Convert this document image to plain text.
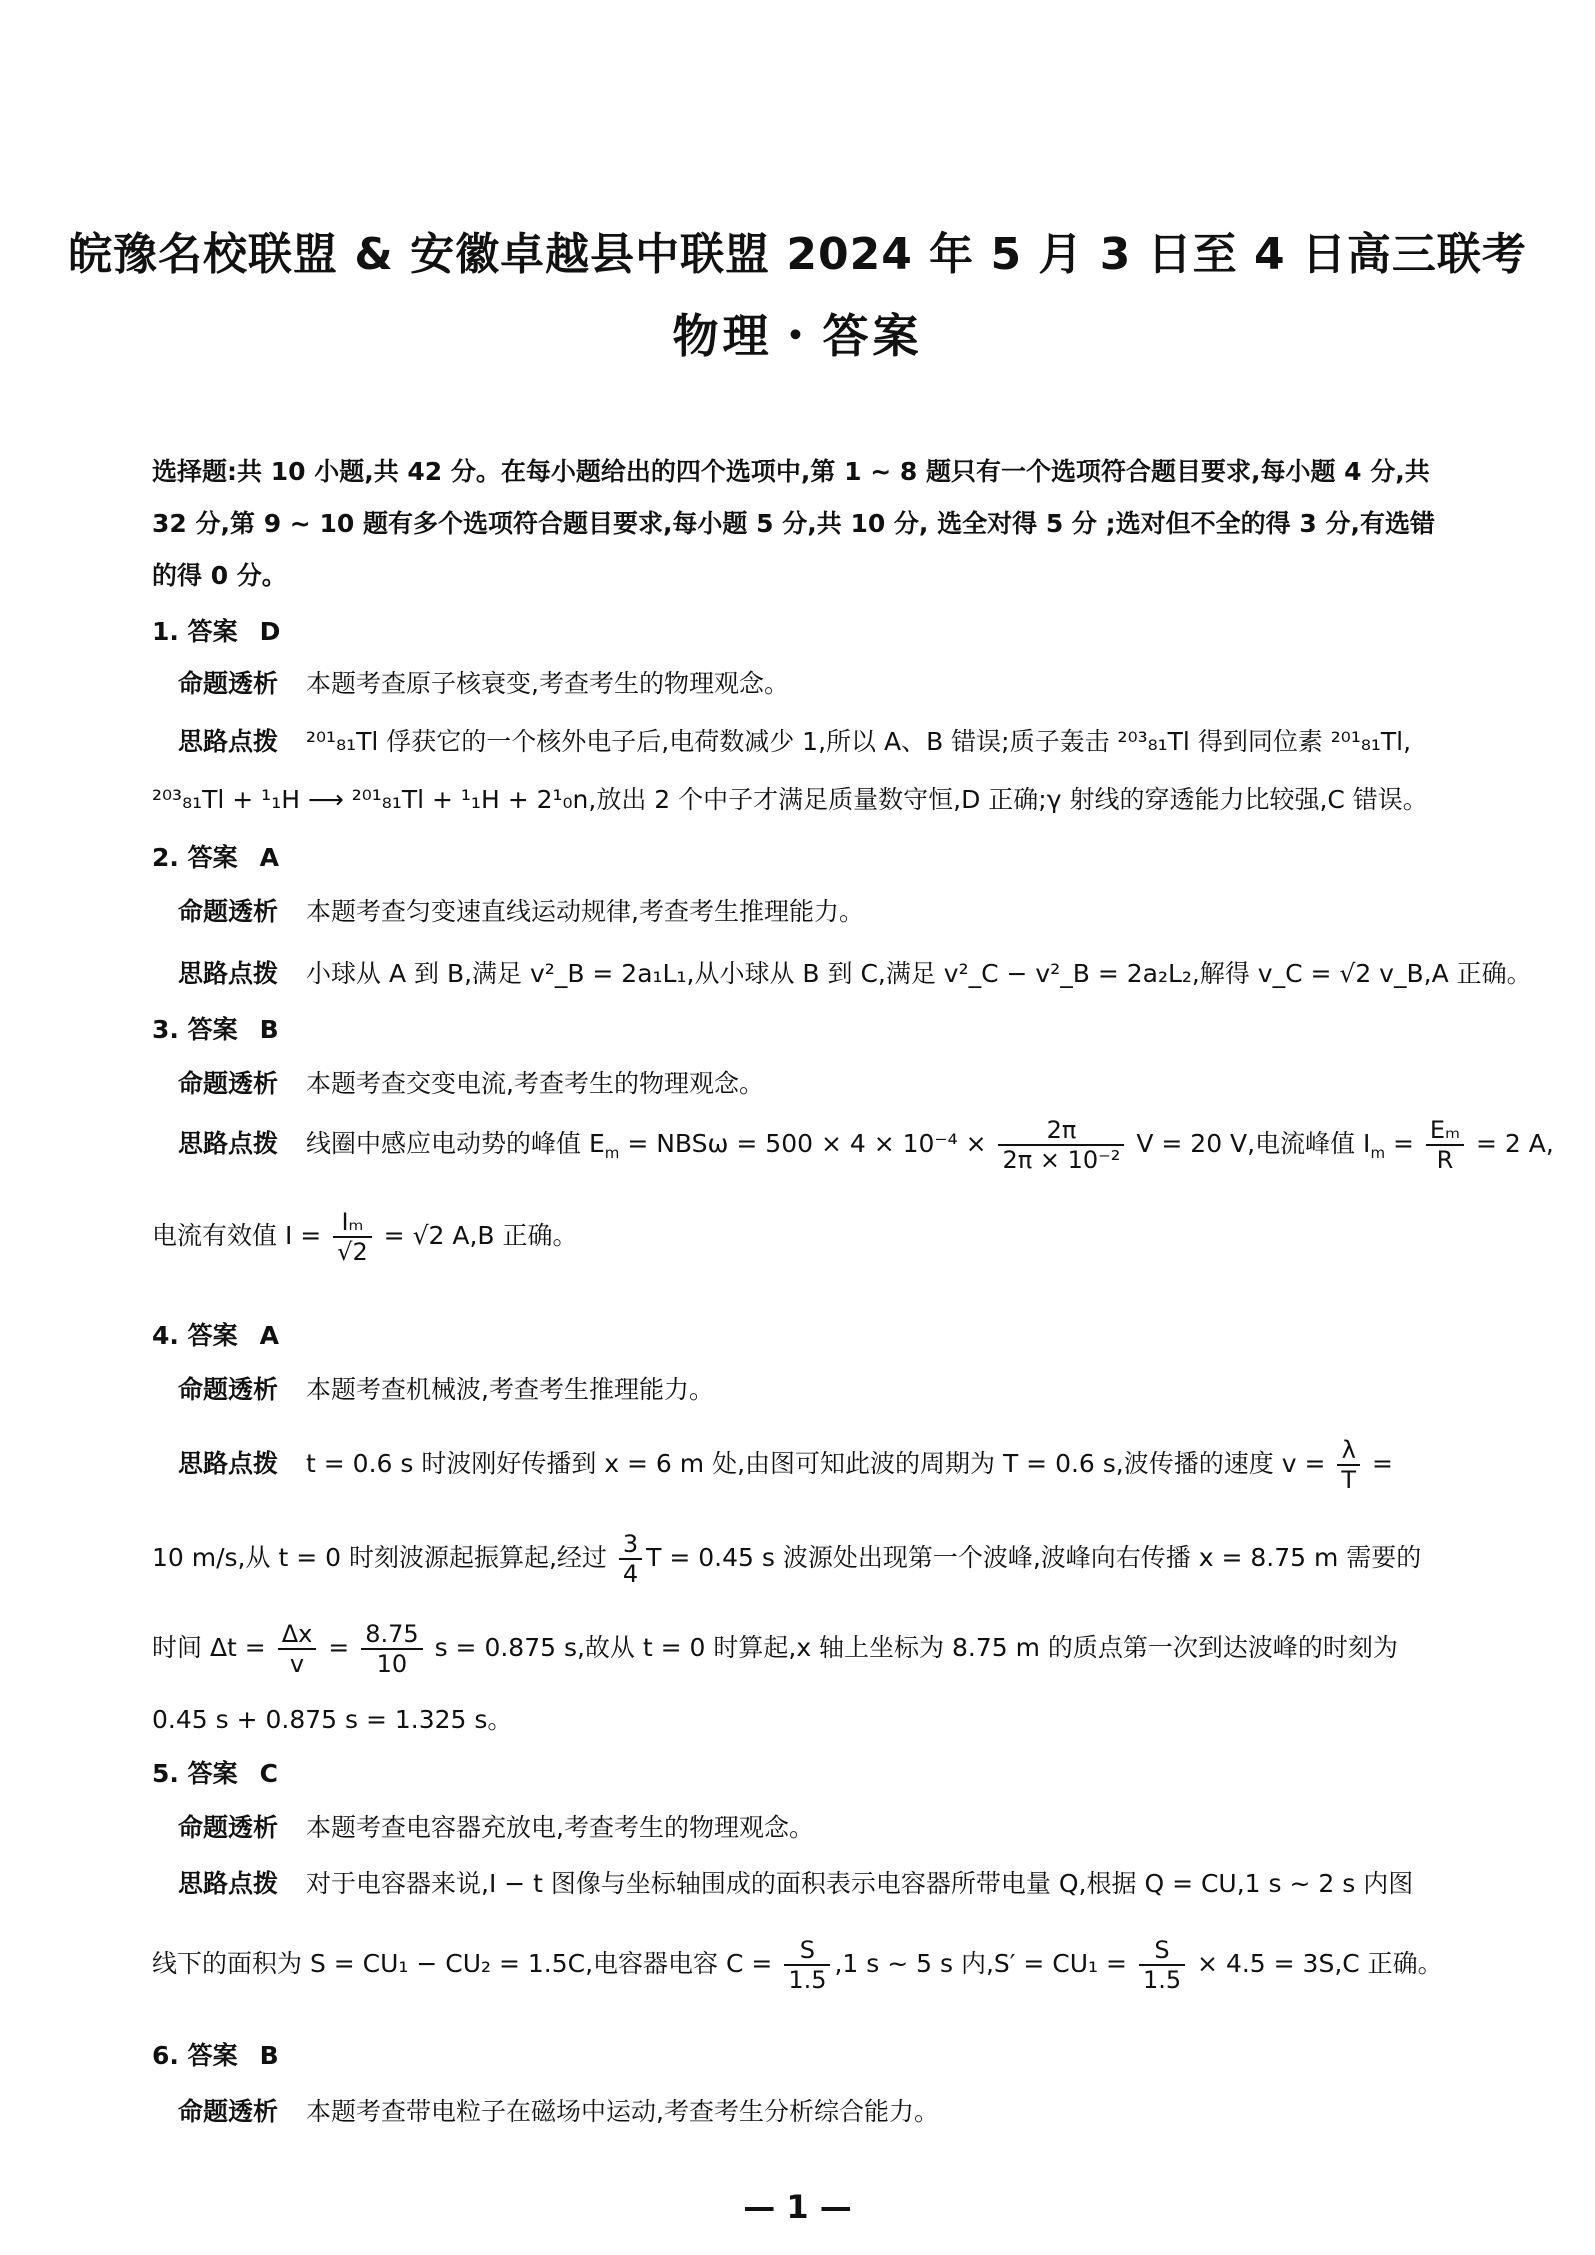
皖豫名校联盟 & 安徽卓越县中联盟 2024 年 5 月 3 日至 4 日高三联考
物理・答案
选择题:共 10 小题,共 42 分。在每小题给出的四个选项中,第 1 ~ 8 题只有一个选项符合题目要求,每小题 4 分,共 32 分,第 9 ~ 10 题有多个选项符合题目要求,每小题 5 分,共 10 分, 选全对得 5 分 ;选对但不全的得 3 分,有选错的得 0 分。
1. 答案 D
命题透析 本题考查原子核衰变,考查考生的物理观念。
思路点拨 ²⁰¹₈₁Tl 俘获它的一个核外电子后,电荷数减少 1,所以 A、B 错误;质子轰击 ²⁰³₈₁Tl 得到同位素 ²⁰¹₈₁Tl,
²⁰³₈₁Tl + ¹₁H ⟶ ²⁰¹₈₁Tl + ¹₁H + 2¹₀n,放出 2 个中子才满足质量数守恒,D 正确;γ 射线的穿透能力比较强,C 错误。
2. 答案 A
命题透析 本题考查匀变速直线运动规律,考查考生推理能力。
思路点拨 小球从 A 到 B,满足 v²_B = 2a₁L₁,从小球从 B 到 C,满足 v²_C − v²_B = 2a₂L₂,解得 v_C = √2 v_B,A 正确。
3. 答案 B
命题透析 本题考查交变电流,考查考生的物理观念。
思路点拨 线圈中感应电动势的峰值 $E_m = NBS\omega = 500 \times 4 \times 10^{-4} \times \frac{2\pi}{\text{2π × 10⁻²}}$ V = 20 V,电流峰值 $I_m = \frac{\text{Eₘ}}{R} = 2$ A,
电流有效值 $I = \frac{\text{Iₘ}}{√2} = √2$ A,B 正确。
4. 答案 A
命题透析 本题考查机械波,考查考生推理能力。
思路点拨 t = 0.6 s 时波刚好传播到 x = 6 m 处,由图可知此波的周期为 T = 0.6 s,波传播的速度 $v = \frac{\lambda}{T}$ =
10 m/s,从 t = 0 时刻波源起振算起,经过 $\frac{3}{4}$ T = 0.45 s 波源处出现第一个波峰,波峰向右传播 x = 8.75 m 需要的
时间 $\Delta t = \frac{\Delta x}{v} = \frac{8.75}{10}$ s = 0.875 s,故从 t = 0 时算起,x 轴上坐标为 8.75 m 的质点第一次到达波峰的时刻为
0.45 s + 0.875 s = 1.325 s。
5. 答案 C
命题透析 本题考查电容器充放电,考查考生的物理观念。
思路点拨 对于电容器来说,I − t 图像与坐标轴围成的面积表示电容器所带电量 Q,根据 Q = CU,1 s ~ 2 s 内图
线下的面积为 S = CU₁ − CU₂ = 1.5C,电容器电容 $C = \frac{S}{1.5} ,1$ s ~ 5 s 内$,S' = CU_1 = \frac{S}{1.5} \times 4.5 = 3S,C$ 正确。
6. 答案 B
命题透析 本题考查带电粒子在磁场中运动,考查考生分析综合能力。
— 1 —
